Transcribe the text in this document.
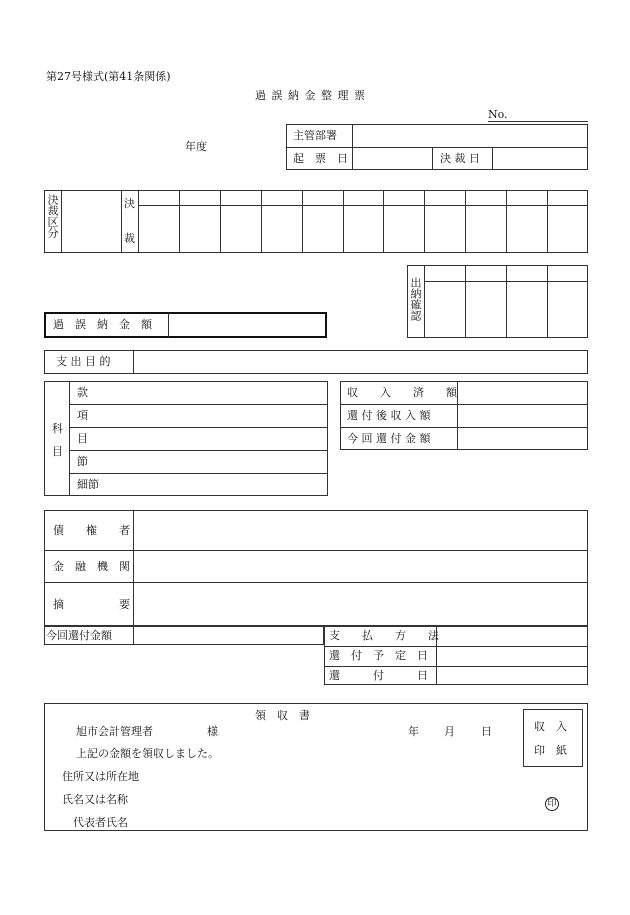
第27号様式(第41条関係)
過 誤 納 金 整 理 票
No.
年度
主管部署
起　票　日	決 裁 日
決裁区分	決
裁
出納確認
過　誤　納　金　額
支 出 目 的
科
目
款
項
目
節
細節
収　　入　　済　　額
還 付 後 収 入 額
今 回 還 付 金 額
債　　権　　者
金　融　機　関
摘　　　　　要
今回還付金額	支　　払　　方　　法
還　付　予　定　日
還　　　付　　　日
領　収　書
旭市会計管理者	様	年 月 日
上記の金額を領収しました。
住所又は所在地
氏名又は名称
代表者氏名
収　入
印　紙
印
